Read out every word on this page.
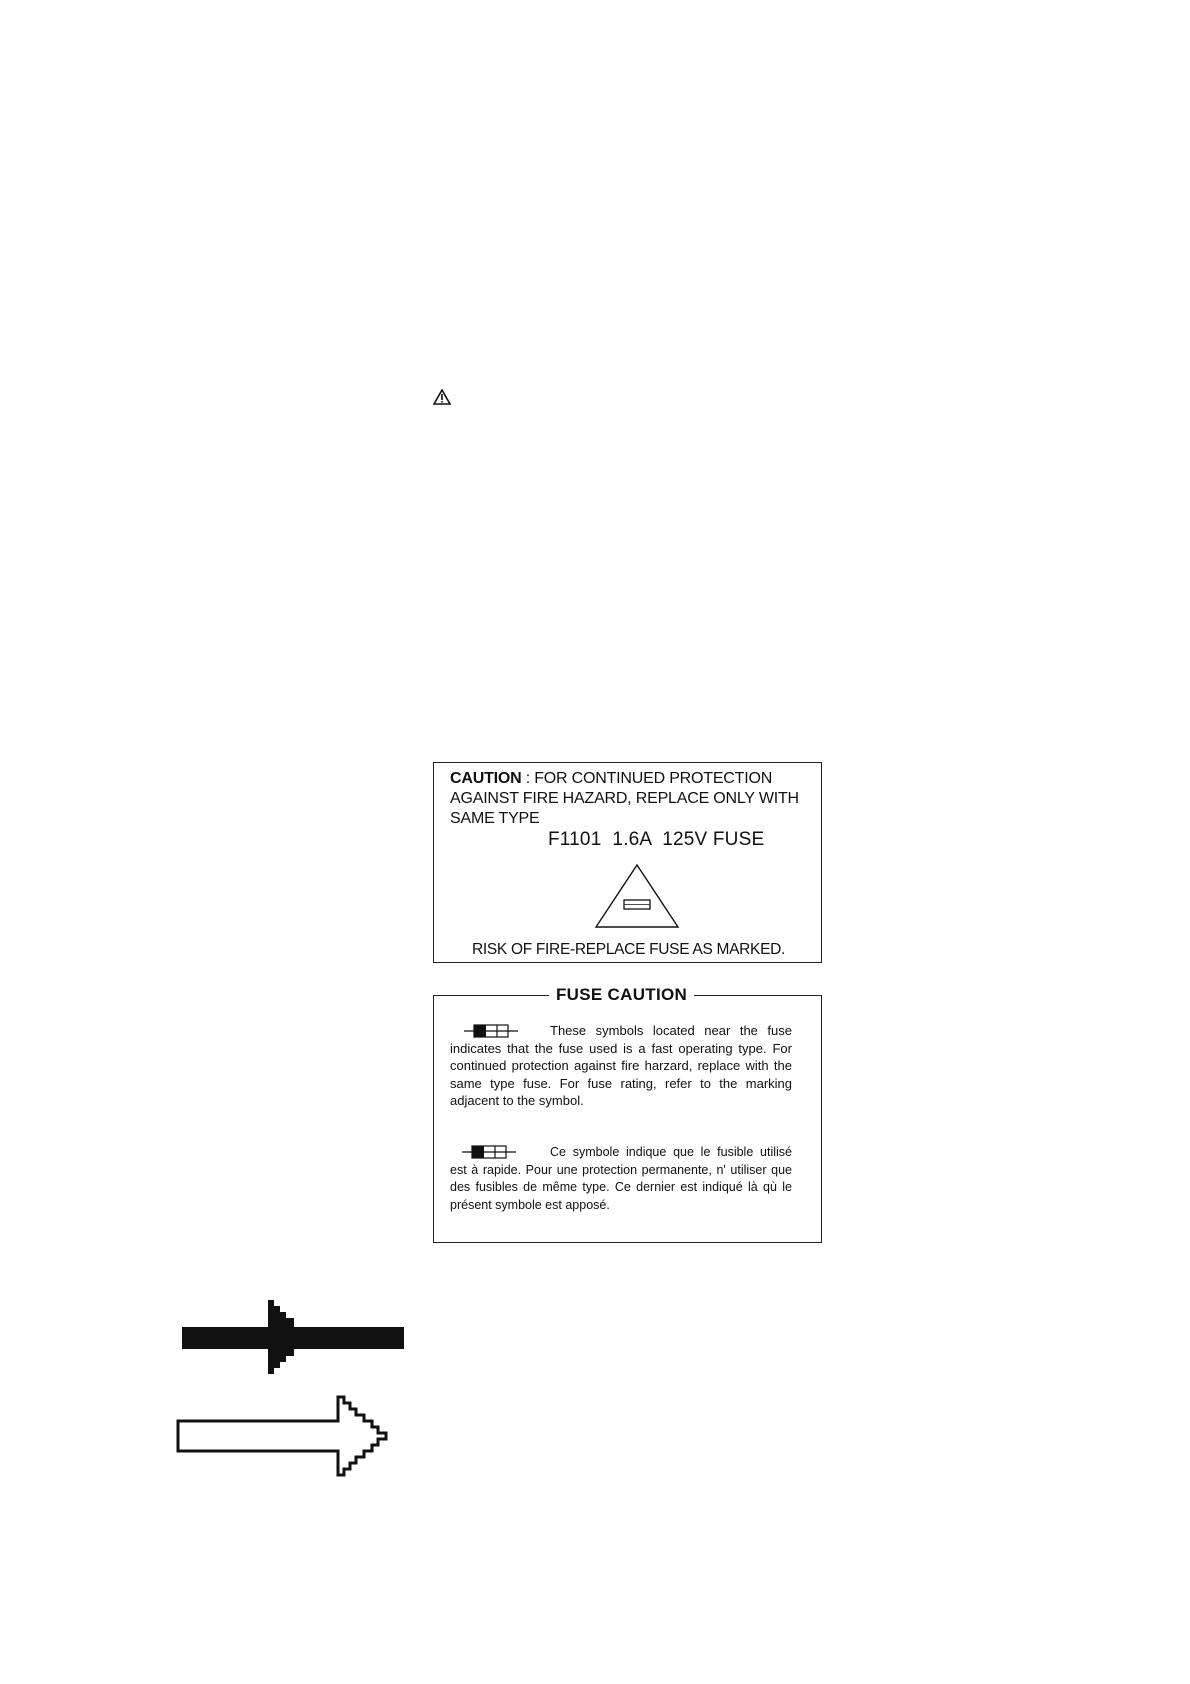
CAUTION : FOR CONTINUED PROTECTION AGAINST FIRE HAZARD, REPLACE ONLY WITH SAME TYPE
F1101  1.6A  125V FUSE
RISK OF FIRE-REPLACE FUSE AS MARKED.
FUSE CAUTION
These symbols located near the fuse indicates that the fuse used is a fast operating type. For continued protection against fire harzard, replace with the same type fuse. For fuse rating, refer to the marking adjacent to the symbol.
Ce symbole indique que le fusible utilisé est à rapide. Pour une protection permanente, n' utiliser que des fusibles de même type. Ce dernier est indiqué là qù le présent symbole est apposé.
